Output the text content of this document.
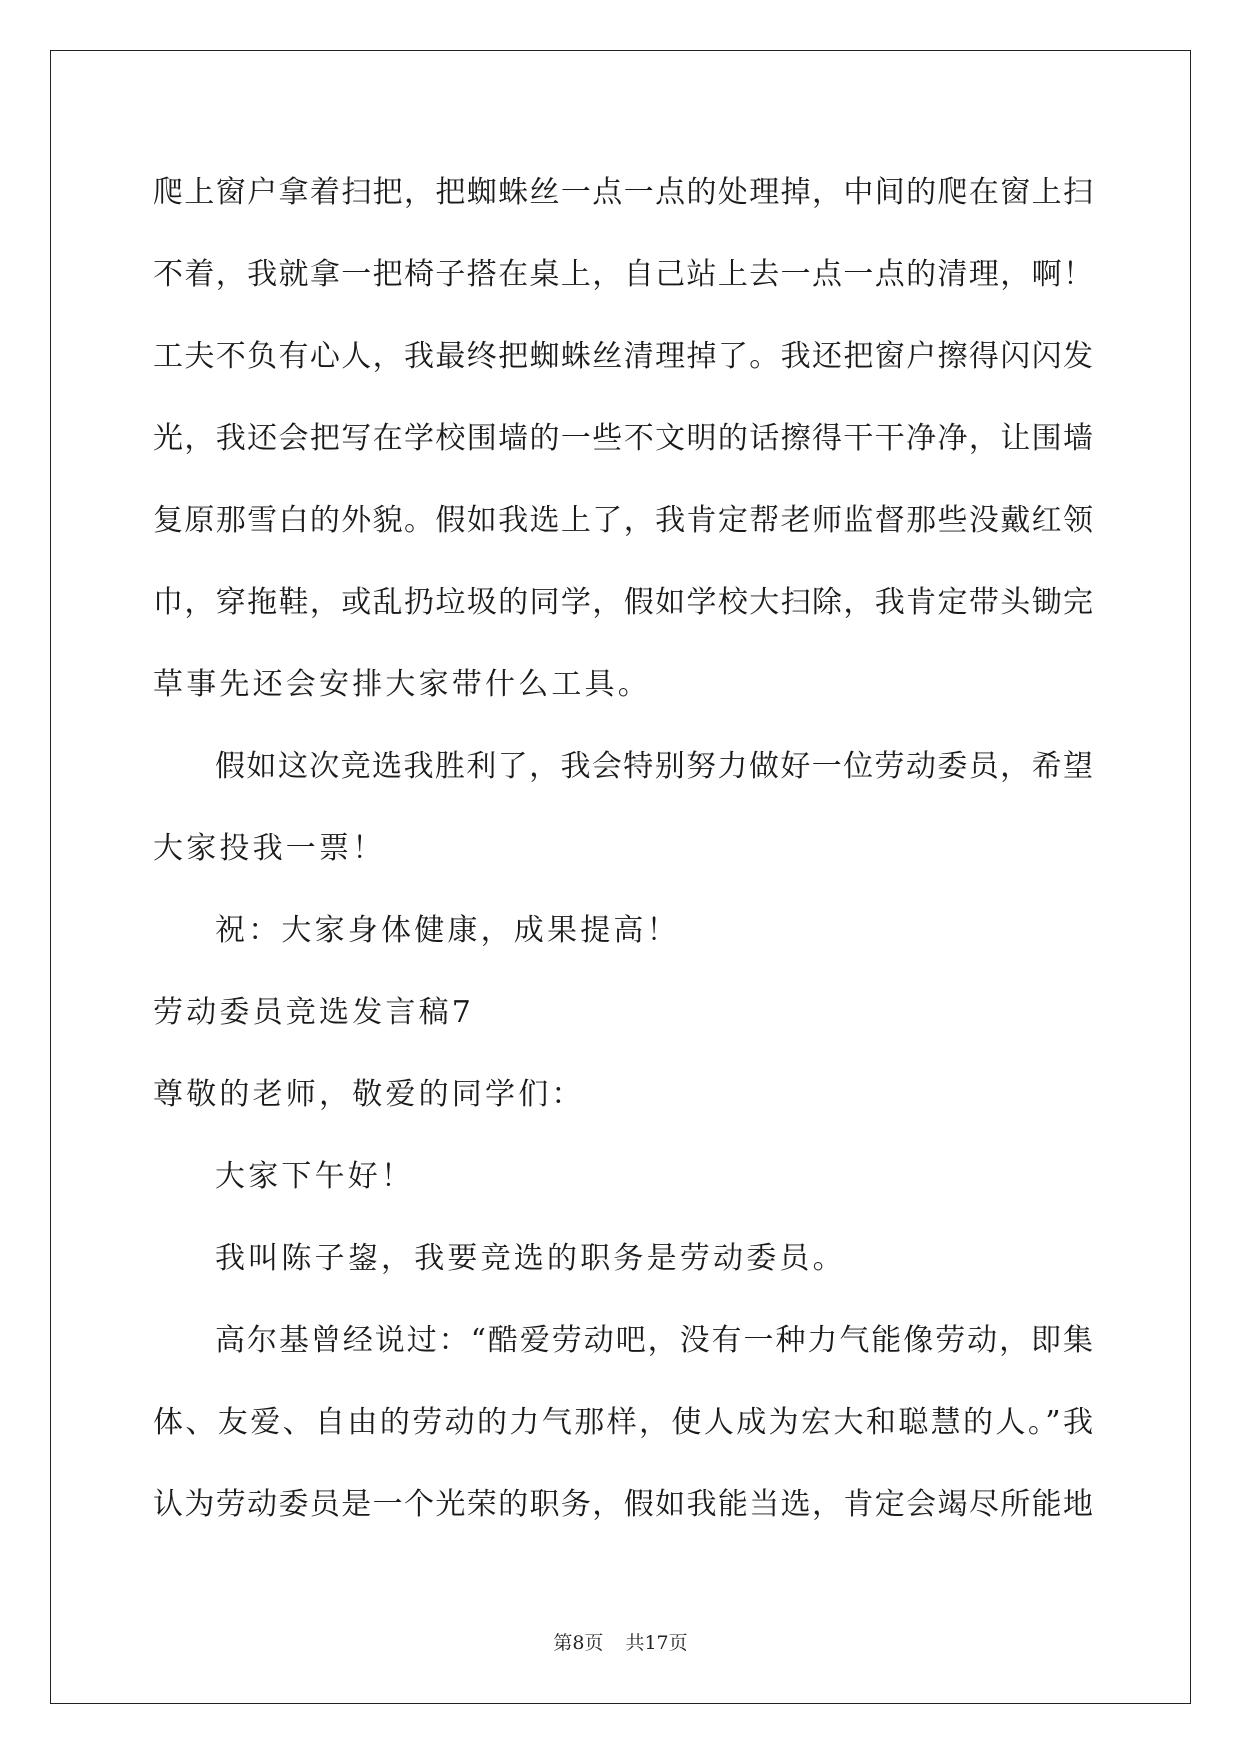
爬上窗户拿着扫把，把蜘蛛丝一点一点的处理掉，中间的爬在窗上扫
不着，我就拿一把椅子搭在桌上，自己站上去一点一点的清理，啊！
工夫不负有心人，我最终把蜘蛛丝清理掉了。我还把窗户擦得闪闪发
光，我还会把写在学校围墙的一些不文明的话擦得干干净净，让围墙
复原那雪白的外貌。假如我选上了，我肯定帮老师监督那些没戴红领
巾，穿拖鞋，或乱扔垃圾的同学，假如学校大扫除，我肯定带头锄完
草事先还会安排大家带什么工具。
假如这次竞选我胜利了，我会特别努力做好一位劳动委员，希望
大家投我一票！
祝：大家身体健康，成果提高！
劳动委员竞选发言稿7
尊敬的老师，敬爱的同学们：
大家下午好！
我叫陈子鋆，我要竞选的职务是劳动委员。
高尔基曾经说过：“酷爱劳动吧，没有一种力气能像劳动，即集
体、友爱、自由的劳动的力气那样，使人成为宏大和聪慧的人。”我
认为劳动委员是一个光荣的职务，假如我能当选，肯定会竭尽所能地
第8页 共17页
